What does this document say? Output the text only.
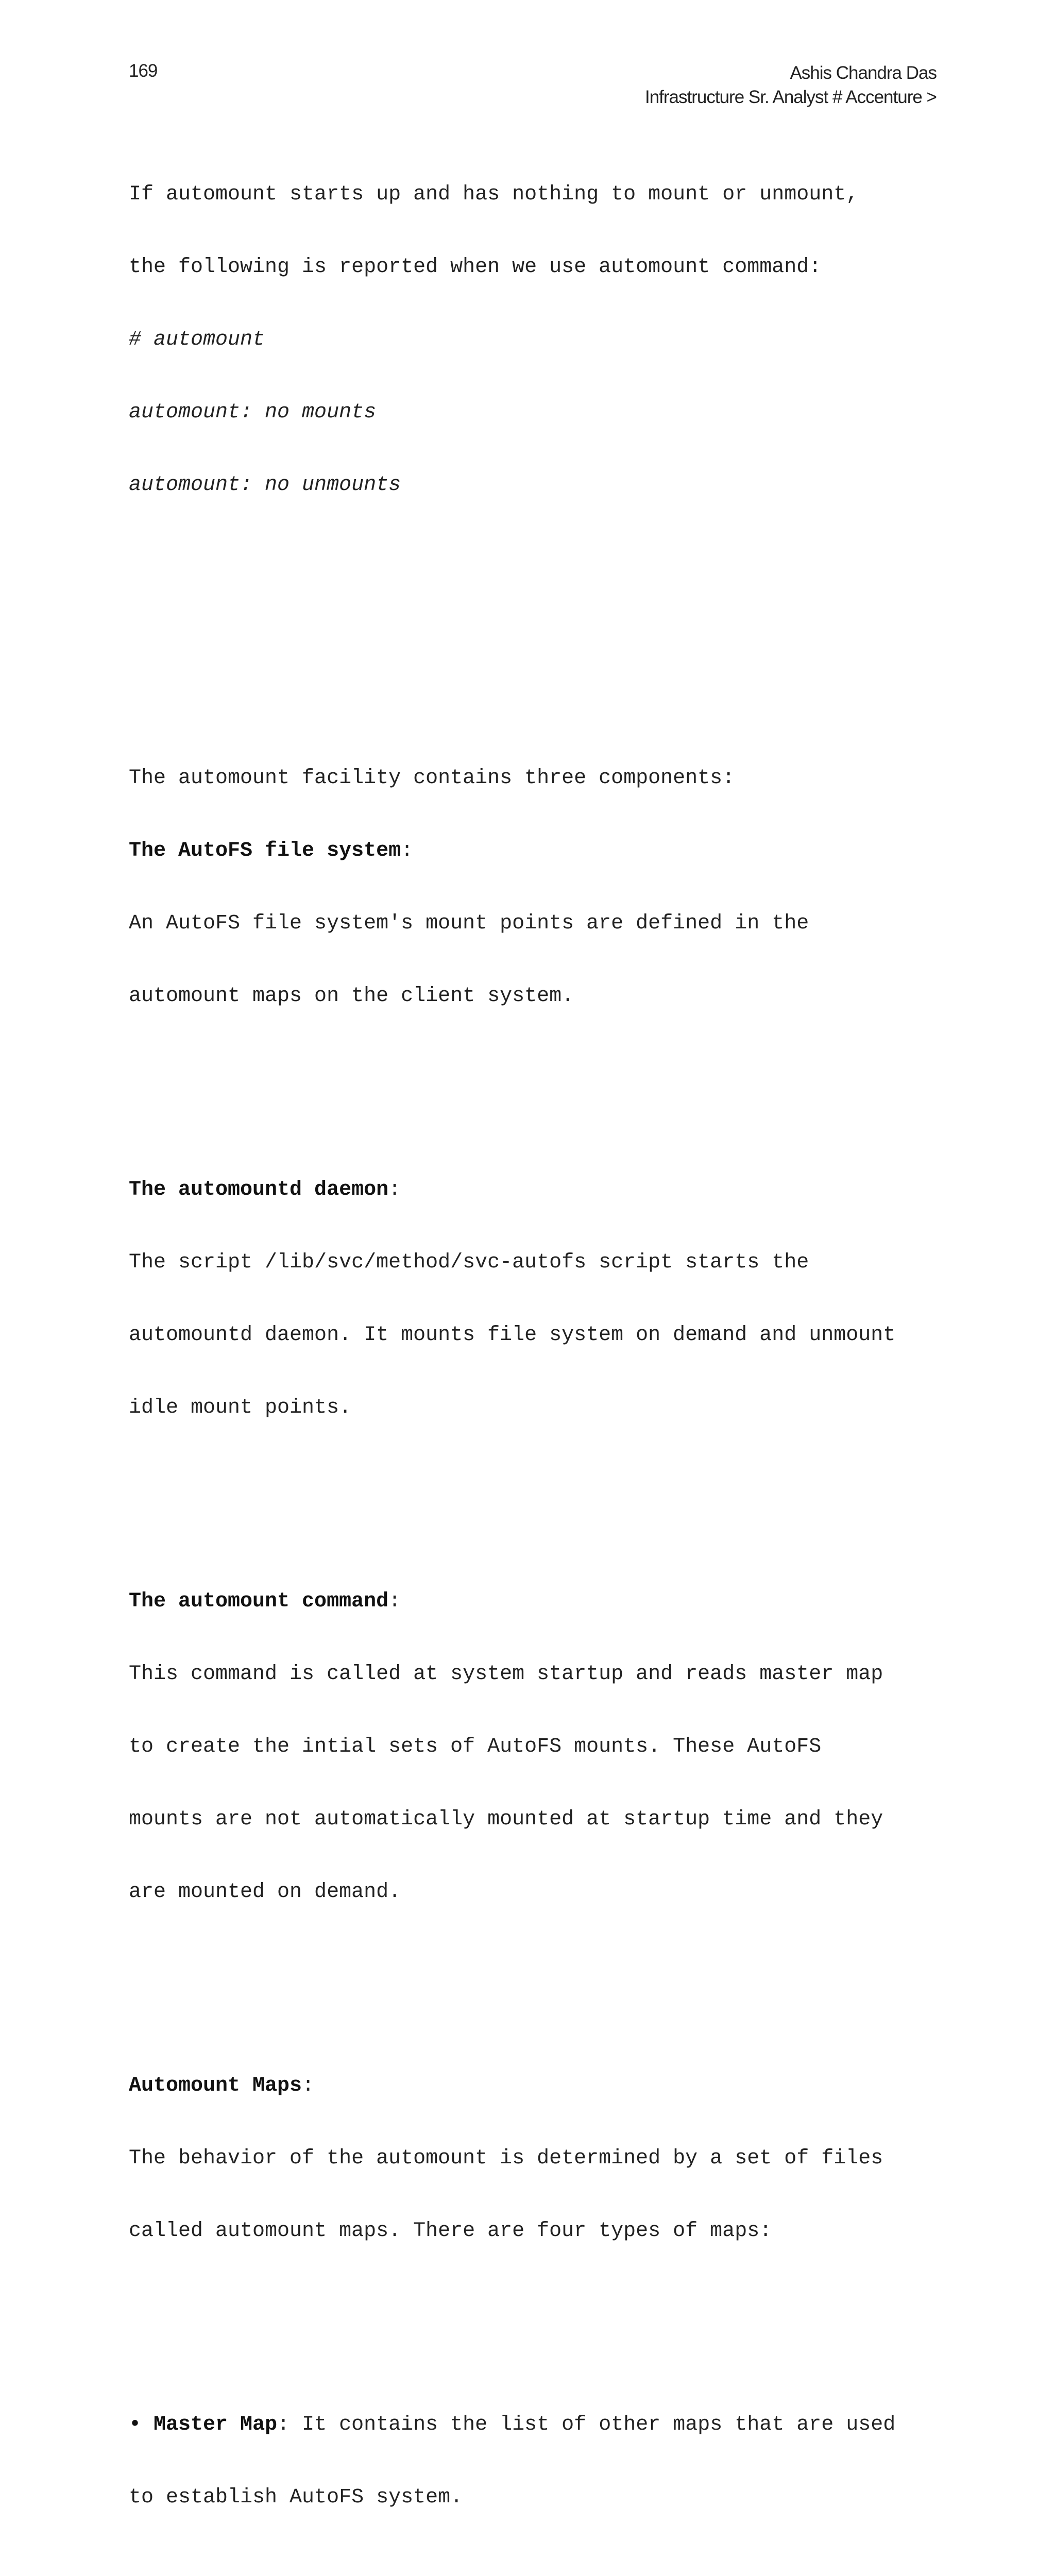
169	Ashis Chandra Das
Infrastructure Sr. Analyst # Accenture >

If automount starts up and has nothing to mount or unmount,

the following is reported when we use automount command:

# automount

automount: no mounts

automount: no unmounts

The automount facility contains three components:

The AutoFS file system:

An AutoFS file system's mount points are defined in the

automount maps on the client system.

The automountd daemon:

The script /lib/svc/method/svc-autofs script starts the

automountd daemon. It mounts file system on demand and unmount

idle mount points.

The automount command:

This command is called at system startup and reads master map

to create the intial sets of AutoFS mounts. These AutoFS

mounts are not automatically mounted at startup time and they

are mounted on demand.

Automount Maps:

The behavior of the automount is determined by a set of files

called automount maps. There are four types of maps:

• Master Map: It contains the list of other maps that are used

to establish AutoFS system.
